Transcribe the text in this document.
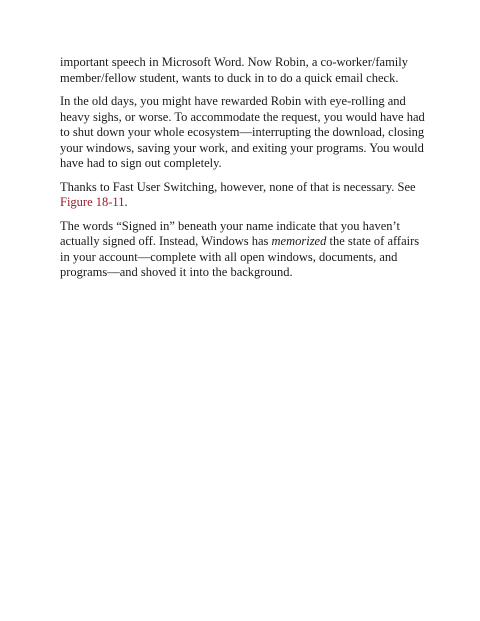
important speech in Microsoft Word. Now Robin, a co-worker/family member/fellow student, wants to duck in to do a quick email check.

In the old days, you might have rewarded Robin with eye-rolling and heavy sighs, or worse. To accommodate the request, you would have had to shut down your whole ecosystem—interrupting the download, closing your windows, saving your work, and exiting your programs. You would have had to sign out completely.

Thanks to Fast User Switching, however, none of that is necessary. See Figure 18-11.

The words “Signed in” beneath your name indicate that you haven’t actually signed off. Instead, Windows has memorized the state of affairs in your account—complete with all open windows, documents, and programs—and shoved it into the background.
